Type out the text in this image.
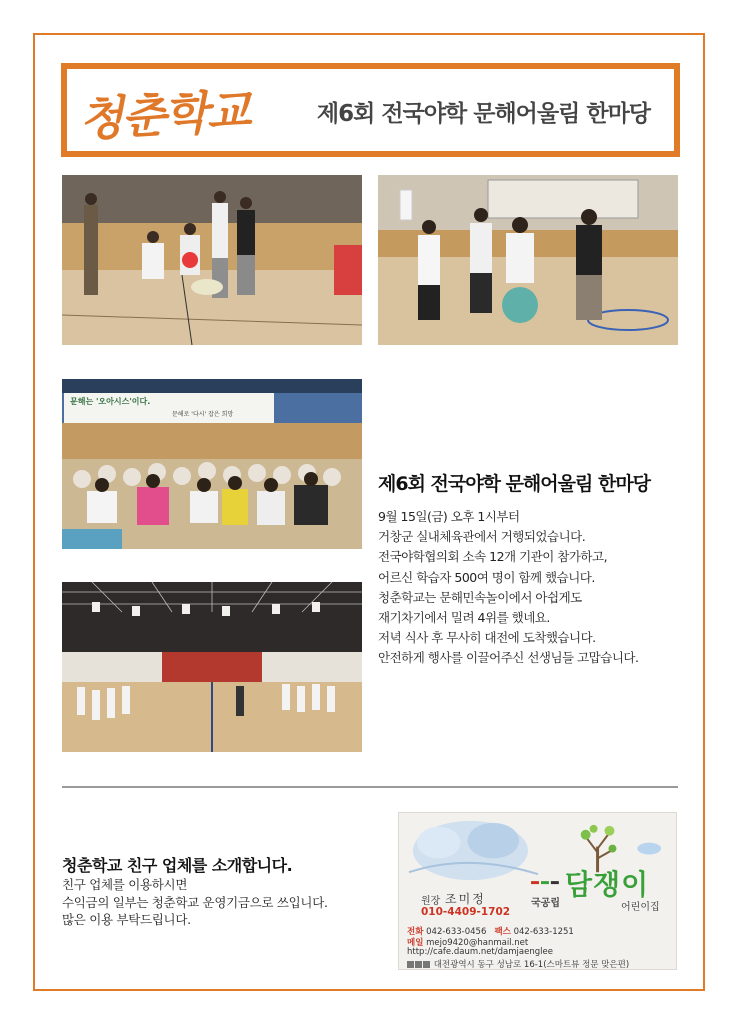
청춘학교	제6회 전국야학 문해어울림 한마당
문해는 '오아시스'이다.
문해로 '다시' 잡은 희망
제6회 전국야학 문해어울림 한마당
9월 15일(금) 오후 1시부터
거창군 실내체육관에서 거행되었습니다.
전국야학협의회 소속 12개 기관이 참가하고,
어르신 학습자 500여 명이 함께 했습니다.
청춘학교는 문해민속놀이에서 아쉽게도
재기차기에서 밀려 4위를 했네요.
저녁 식사 후 무사히 대전에 도착했습니다.
안전하게 행사를 이끌어주신 선생님들 고맙습니다.
청춘학교 친구 업체를 소개합니다.
친구 업체를 이용하시면
수익금의 일부는 청춘학교 운영기금으로 쓰입니다.
많은 이용 부탁드립니다.
원장 조미정
010-4409-1702
국공립
담쟁이
어린이집
전화 042-633-0456 팩스 042-633-1251
메일 mejo9420@hanmail.net
http://cafe.daum.net/damjaenglee
대전광역시 동구 성남로 16-1(스마트뷰 정문 맞은편)
